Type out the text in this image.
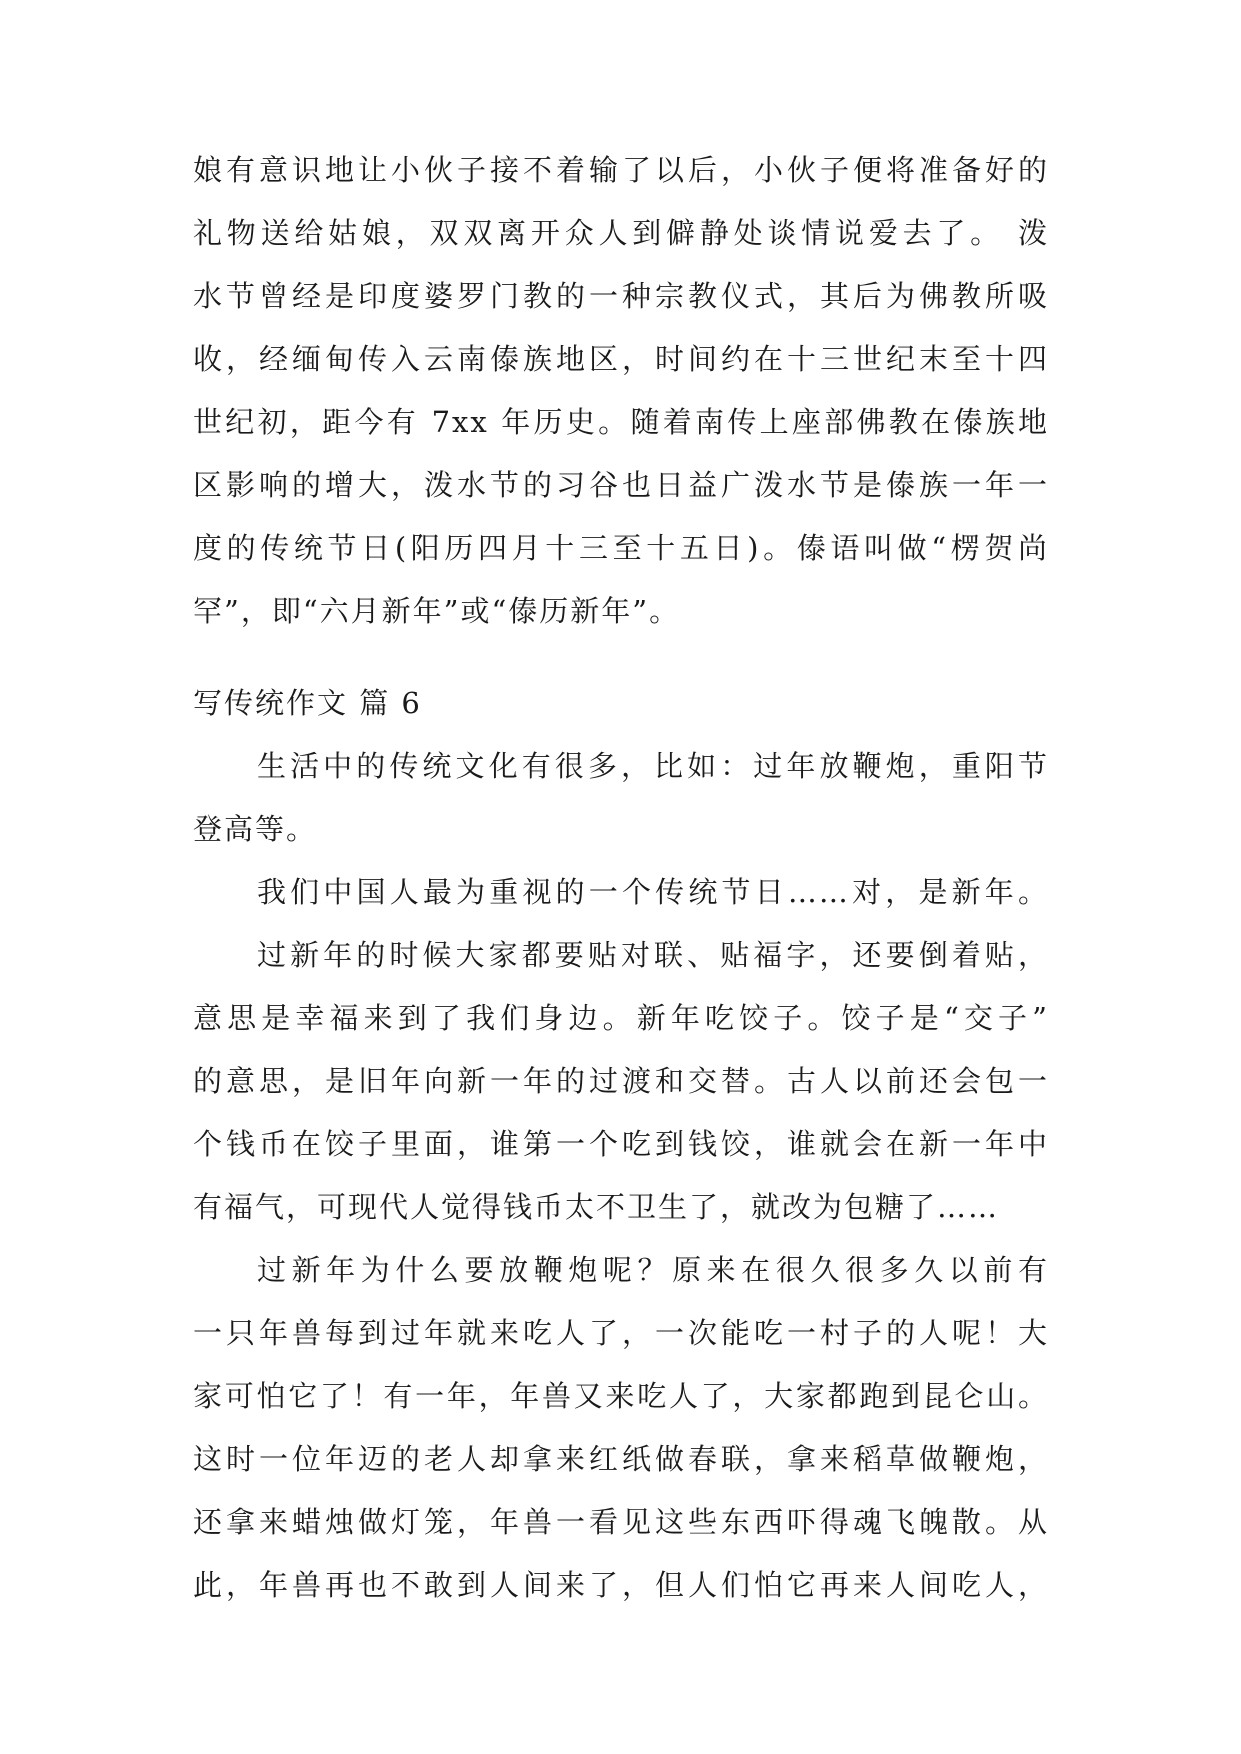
娘有意识地让小伙子接不着输了以后，小伙子便将准备好的
礼物送给姑娘，双双离开众人到僻静处谈情说爱去了。 泼
水节曾经是印度婆罗门教的一种宗教仪式，其后为佛教所吸
收，经缅甸传入云南傣族地区，时间约在十三世纪末至十四
世纪初，距今有 7xx 年历史。随着南传上座部佛教在傣族地
区影响的增大，泼水节的习谷也日益广泼水节是傣族一年一
度的传统节日(阳历四月十三至十五日)。傣语叫做“楞贺尚
罕”，即“六月新年”或“傣历新年”。
写传统作文 篇 6
生活中的传统文化有很多，比如：过年放鞭炮，重阳节
登高等。
我们中国人最为重视的一个传统节日……对，是新年。
过新年的时候大家都要贴对联、贴福字，还要倒着贴，
意思是幸福来到了我们身边。新年吃饺子。饺子是“交子”
的意思，是旧年向新一年的过渡和交替。古人以前还会包一
个钱币在饺子里面，谁第一个吃到钱饺，谁就会在新一年中
有福气，可现代人觉得钱币太不卫生了，就改为包糖了……
过新年为什么要放鞭炮呢？原来在很久很多久以前有
一只年兽每到过年就来吃人了，一次能吃一村子的人呢！大
家可怕它了！有一年，年兽又来吃人了，大家都跑到昆仑山。
这时一位年迈的老人却拿来红纸做春联，拿来稻草做鞭炮，
还拿来蜡烛做灯笼，年兽一看见这些东西吓得魂飞魄散。从
此，年兽再也不敢到人间来了，但人们怕它再来人间吃人，
